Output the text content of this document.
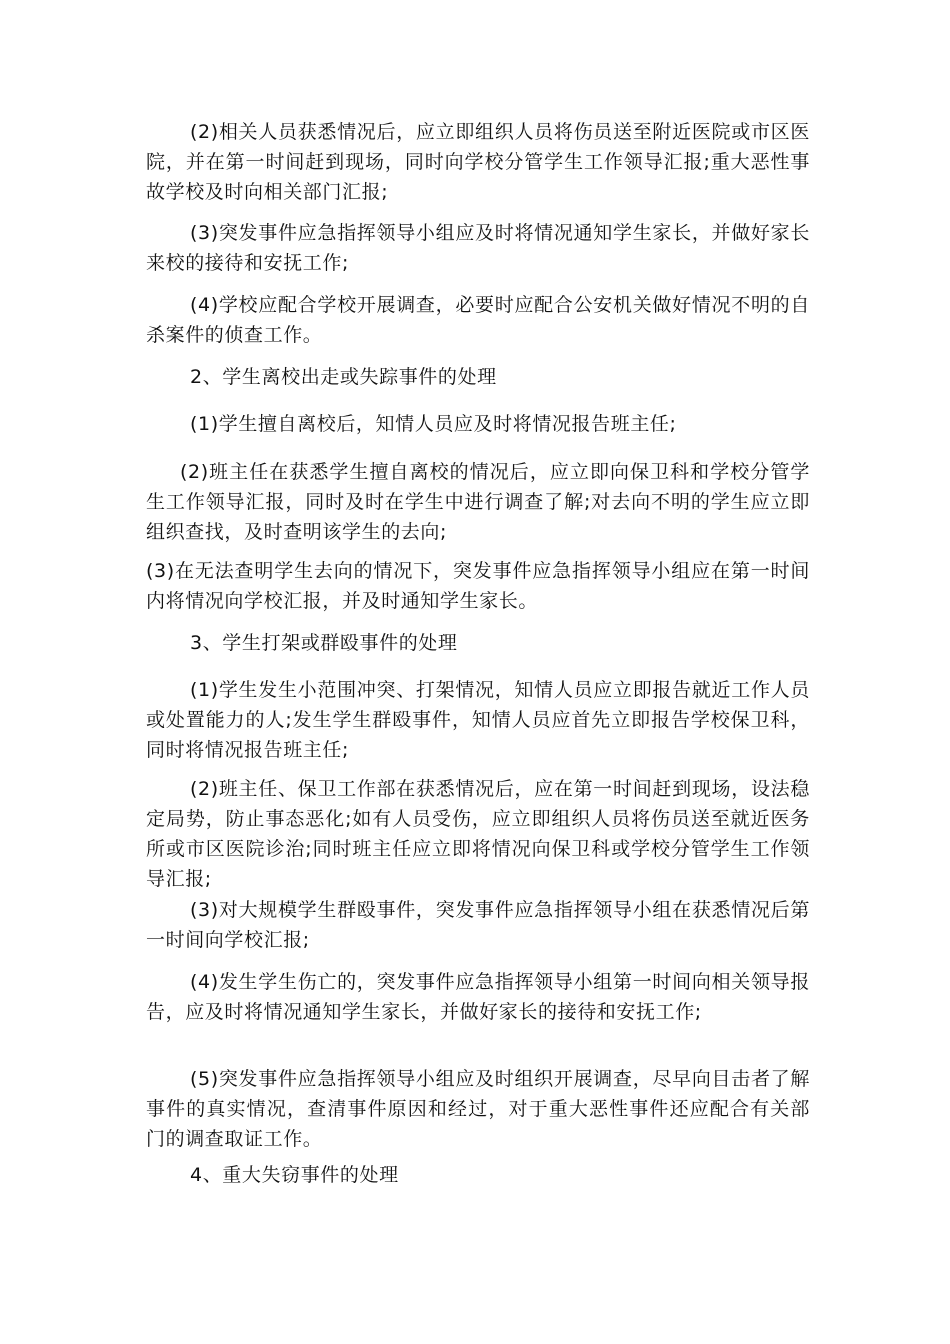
(2)相关人员获悉情况后，应立即组织人员将伤员送至附近医院或市区医院，并在第一时间赶到现场，同时向学校分管学生工作领导汇报;重大恶性事故学校及时向相关部门汇报;

(3)突发事件应急指挥领导小组应及时将情况通知学生家长，并做好家长来校的接待和安抚工作;

(4)学校应配合学校开展调查，必要时应配合公安机关做好情况不明的自杀案件的侦查工作。

2、学生离校出走或失踪事件的处理

(1)学生擅自离校后，知情人员应及时将情况报告班主任;

(2)班主任在获悉学生擅自离校的情况后，应立即向保卫科和学校分管学生工作领导汇报，同时及时在学生中进行调查了解;对去向不明的学生应立即组织查找，及时查明该学生的去向;

(3)在无法查明学生去向的情况下，突发事件应急指挥领导小组应在第一时间内将情况向学校汇报，并及时通知学生家长。

3、学生打架或群殴事件的处理

(1)学生发生小范围冲突、打架情况，知情人员应立即报告就近工作人员或处置能力的人;发生学生群殴事件，知情人员应首先立即报告学校保卫科，同时将情况报告班主任;

(2)班主任、保卫工作部在获悉情况后，应在第一时间赶到现场，设法稳定局势，防止事态恶化;如有人员受伤，应立即组织人员将伤员送至就近医务所或市区医院诊治;同时班主任应立即将情况向保卫科或学校分管学生工作领导汇报;

(3)对大规模学生群殴事件，突发事件应急指挥领导小组在获悉情况后第一时间向学校汇报;

(4)发生学生伤亡的，突发事件应急指挥领导小组第一时间向相关领导报告，应及时将情况通知学生家长，并做好家长的接待和安抚工作;

(5)突发事件应急指挥领导小组应及时组织开展调查，尽早向目击者了解事件的真实情况，查清事件原因和经过，对于重大恶性事件还应配合有关部门的调查取证工作。

4、重大失窃事件的处理
